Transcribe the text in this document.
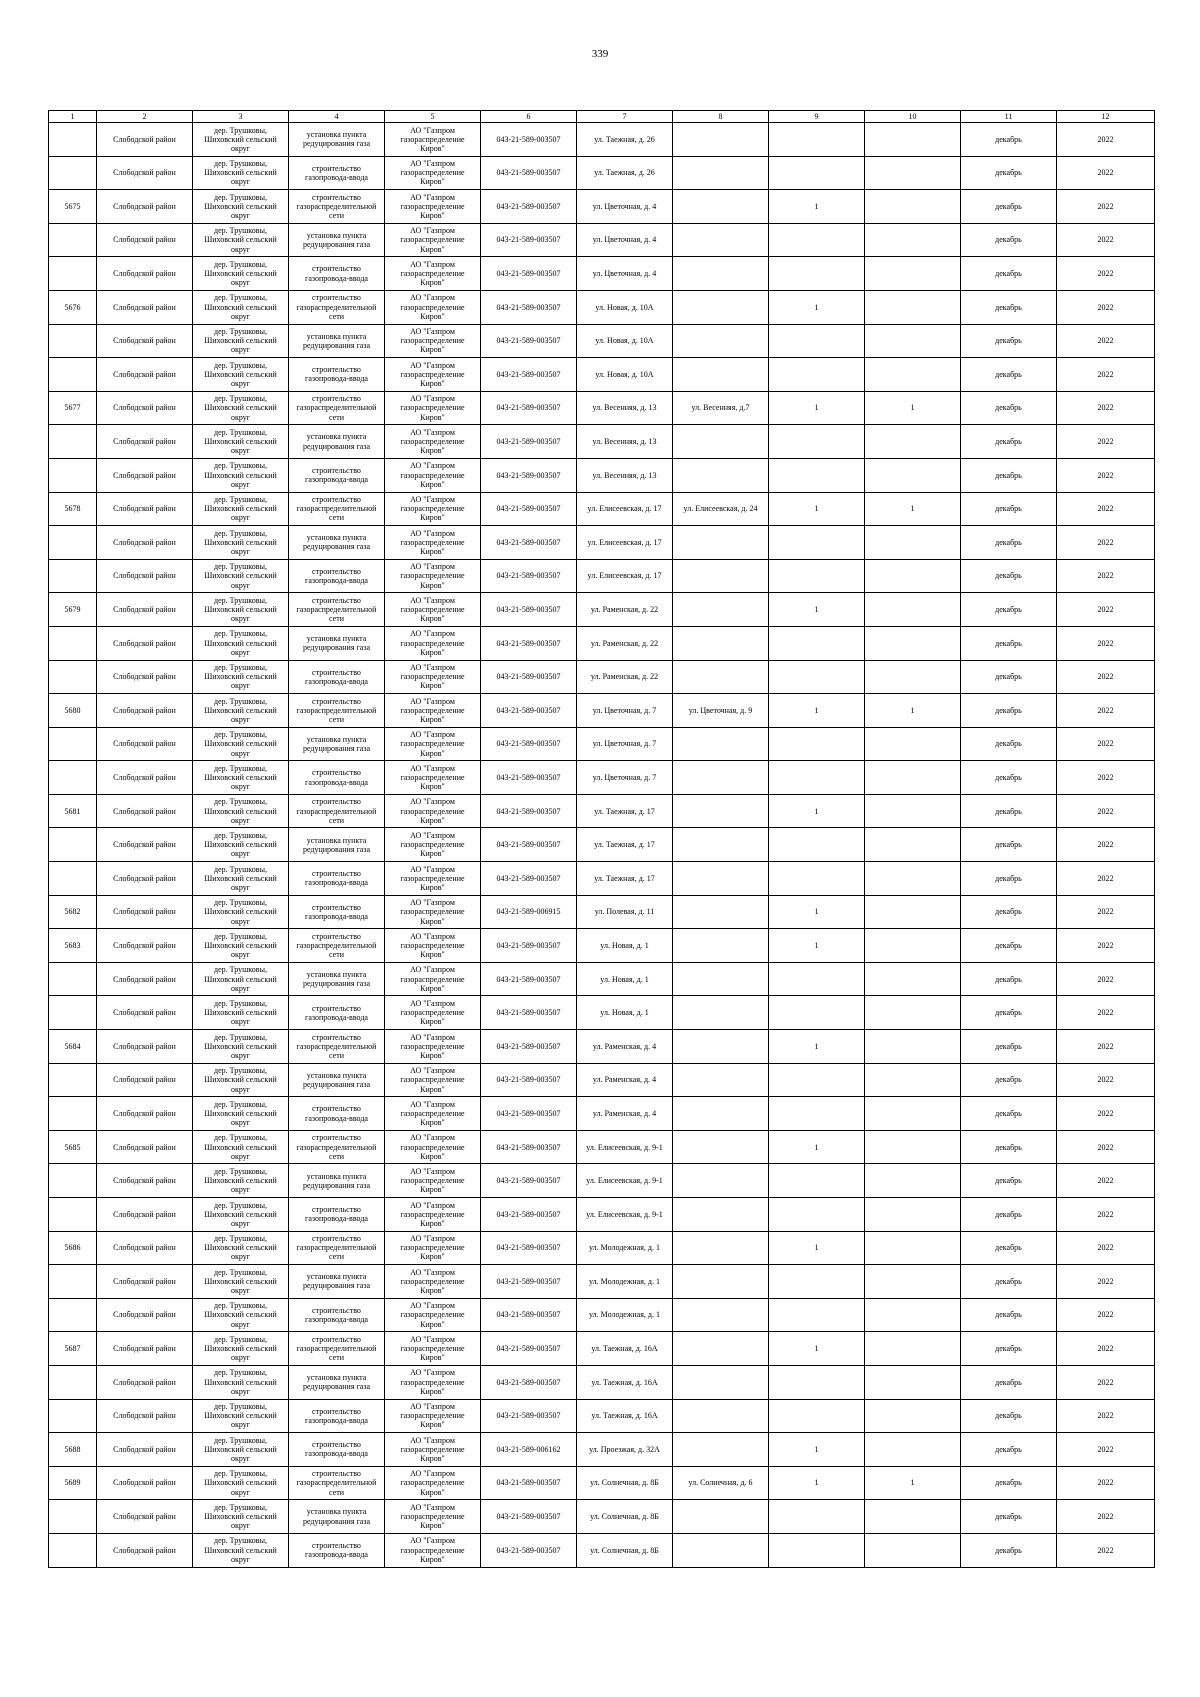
339
1	2	3	4	5	6	7	8	9	10	11	12
	Слободской район	дер. Трушковы,
Шиховский сельский
округ	установка пункта
редуцирования газа	АО "Газпром
газораспределение
Киров"	043-21-589-003507	ул. Таежная, д. 26				декабрь	2022
	Слободской район	дер. Трушковы,
Шиховский сельский
округ	строительство
газопровода-ввода	АО "Газпром
газораспределение
Киров"	043-21-589-003507	ул. Таежная, д. 26				декабрь	2022
5675	Слободской район	дер. Трушковы,
Шиховский сельский
округ	строительство
газораспределительной
сети	АО "Газпром
газораспределение
Киров"	043-21-589-003507	ул. Цветочная, д. 4		1		декабрь	2022
	Слободской район	дер. Трушковы,
Шиховский сельский
округ	установка пункта
редуцирования газа	АО "Газпром
газораспределение
Киров"	043-21-589-003507	ул. Цветочная, д. 4				декабрь	2022
	Слободской район	дер. Трушковы,
Шиховский сельский
округ	строительство
газопровода-ввода	АО "Газпром
газораспределение
Киров"	043-21-589-003507	ул. Цветочная, д. 4				декабрь	2022
5676	Слободской район	дер. Трушковы,
Шиховский сельский
округ	строительство
газораспределительной
сети	АО "Газпром
газораспределение
Киров"	043-21-589-003507	ул. Новая, д. 10А		1		декабрь	2022
	Слободской район	дер. Трушковы,
Шиховский сельский
округ	установка пункта
редуцирования газа	АО "Газпром
газораспределение
Киров"	043-21-589-003507	ул. Новая, д. 10А				декабрь	2022
	Слободской район	дер. Трушковы,
Шиховский сельский
округ	строительство
газопровода-ввода	АО "Газпром
газораспределение
Киров"	043-21-589-003507	ул. Новая, д. 10А				декабрь	2022
5677	Слободской район	дер. Трушковы,
Шиховский сельский
округ	строительство
газораспределительной
сети	АО "Газпром
газораспределение
Киров"	043-21-589-003507	ул. Весенняя, д. 13	ул. Весенняя, д.7	1	1	декабрь	2022
	Слободской район	дер. Трушковы,
Шиховский сельский
округ	установка пункта
редуцирования газа	АО "Газпром
газораспределение
Киров"	043-21-589-003507	ул. Весенняя, д. 13				декабрь	2022
	Слободской район	дер. Трушковы,
Шиховский сельский
округ	строительство
газопровода-ввода	АО "Газпром
газораспределение
Киров"	043-21-589-003507	ул. Весенняя, д. 13				декабрь	2022
5678	Слободской район	дер. Трушковы,
Шиховский сельский
округ	строительство
газораспределительной
сети	АО "Газпром
газораспределение
Киров"	043-21-589-003507	ул. Елисеевская, д. 17	ул. Елисеевская, д. 24	1	1	декабрь	2022
	Слободской район	дер. Трушковы,
Шиховский сельский
округ	установка пункта
редуцирования газа	АО "Газпром
газораспределение
Киров"	043-21-589-003507	ул. Елисеевская, д. 17				декабрь	2022
	Слободской район	дер. Трушковы,
Шиховский сельский
округ	строительство
газопровода-ввода	АО "Газпром
газораспределение
Киров"	043-21-589-003507	ул. Елисеевская, д. 17				декабрь	2022
5679	Слободской район	дер. Трушковы,
Шиховский сельский
округ	строительство
газораспределительной
сети	АО "Газпром
газораспределение
Киров"	043-21-589-003507	ул. Раменская, д. 22		1		декабрь	2022
	Слободской район	дер. Трушковы,
Шиховский сельский
округ	установка пункта
редуцирования газа	АО "Газпром
газораспределение
Киров"	043-21-589-003507	ул. Раменская, д. 22				декабрь	2022
	Слободской район	дер. Трушковы,
Шиховский сельский
округ	строительство
газопровода-ввода	АО "Газпром
газораспределение
Киров"	043-21-589-003507	ул. Раменская, д. 22				декабрь	2022
5680	Слободской район	дер. Трушковы,
Шиховский сельский
округ	строительство
газораспределительной
сети	АО "Газпром
газораспределение
Киров"	043-21-589-003507	ул. Цветочная, д. 7	ул. Цветочная, д. 9	1	1	декабрь	2022
	Слободской район	дер. Трушковы,
Шиховский сельский
округ	установка пункта
редуцирования газа	АО "Газпром
газораспределение
Киров"	043-21-589-003507	ул. Цветочная, д. 7				декабрь	2022
	Слободской район	дер. Трушковы,
Шиховский сельский
округ	строительство
газопровода-ввода	АО "Газпром
газораспределение
Киров"	043-21-589-003507	ул. Цветочная, д. 7				декабрь	2022
5681	Слободской район	дер. Трушковы,
Шиховский сельский
округ	строительство
газораспределительной
сети	АО "Газпром
газораспределение
Киров"	043-21-589-003507	ул. Таежная, д. 17		1		декабрь	2022
	Слободской район	дер. Трушковы,
Шиховский сельский
округ	установка пункта
редуцирования газа	АО "Газпром
газораспределение
Киров"	043-21-589-003507	ул. Таежная, д. 17				декабрь	2022
	Слободской район	дер. Трушковы,
Шиховский сельский
округ	строительство
газопровода-ввода	АО "Газпром
газораспределение
Киров"	043-21-589-003507	ул. Таежная, д. 17				декабрь	2022
5682	Слободской район	дер. Трушковы,
Шиховский сельский
округ	строительство
газопровода-ввода	АО "Газпром
газораспределение
Киров"	043-21-589-006915	ул. Полевая, д. 11		1		декабрь	2022
5683	Слободской район	дер. Трушковы,
Шиховский сельский
округ	строительство
газораспределительной
сети	АО "Газпром
газораспределение
Киров"	043-21-589-003507	ул. Новая, д. 1		1		декабрь	2022
	Слободской район	дер. Трушковы,
Шиховский сельский
округ	установка пункта
редуцирования газа	АО "Газпром
газораспределение
Киров"	043-21-589-003507	ул. Новая, д. 1				декабрь	2022
	Слободской район	дер. Трушковы,
Шиховский сельский
округ	строительство
газопровода-ввода	АО "Газпром
газораспределение
Киров"	043-21-589-003507	ул. Новая, д. 1				декабрь	2022
5684	Слободской район	дер. Трушковы,
Шиховский сельский
округ	строительство
газораспределительной
сети	АО "Газпром
газораспределение
Киров"	043-21-589-003507	ул. Раменская, д. 4		1		декабрь	2022
	Слободской район	дер. Трушковы,
Шиховский сельский
округ	установка пункта
редуцирования газа	АО "Газпром
газораспределение
Киров"	043-21-589-003507	ул. Раменская, д. 4				декабрь	2022
	Слободской район	дер. Трушковы,
Шиховский сельский
округ	строительство
газопровода-ввода	АО "Газпром
газораспределение
Киров"	043-21-589-003507	ул. Раменская, д. 4				декабрь	2022
5685	Слободской район	дер. Трушковы,
Шиховский сельский
округ	строительство
газораспределительной
сети	АО "Газпром
газораспределение
Киров"	043-21-589-003507	ул. Елисеевская, д. 9-1		1		декабрь	2022
	Слободской район	дер. Трушковы,
Шиховский сельский
округ	установка пункта
редуцирования газа	АО "Газпром
газораспределение
Киров"	043-21-589-003507	ул. Елисеевская, д. 9-1				декабрь	2022
	Слободской район	дер. Трушковы,
Шиховский сельский
округ	строительство
газопровода-ввода	АО "Газпром
газораспределение
Киров"	043-21-589-003507	ул. Елисеевская, д. 9-1				декабрь	2022
5686	Слободской район	дер. Трушковы,
Шиховский сельский
округ	строительство
газораспределительной
сети	АО "Газпром
газораспределение
Киров"	043-21-589-003507	ул. Молодежная, д. 1		1		декабрь	2022
	Слободской район	дер. Трушковы,
Шиховский сельский
округ	установка пункта
редуцирования газа	АО "Газпром
газораспределение
Киров"	043-21-589-003507	ул. Молодежная, д. 1				декабрь	2022
	Слободской район	дер. Трушковы,
Шиховский сельский
округ	строительство
газопровода-ввода	АО "Газпром
газораспределение
Киров"	043-21-589-003507	ул. Молодежная, д. 1				декабрь	2022
5687	Слободской район	дер. Трушковы,
Шиховский сельский
округ	строительство
газораспределительной
сети	АО "Газпром
газораспределение
Киров"	043-21-589-003507	ул. Таежная, д. 16А		1		декабрь	2022
	Слободской район	дер. Трушковы,
Шиховский сельский
округ	установка пункта
редуцирования газа	АО "Газпром
газораспределение
Киров"	043-21-589-003507	ул. Таежная, д. 16А				декабрь	2022
	Слободской район	дер. Трушковы,
Шиховский сельский
округ	строительство
газопровода-ввода	АО "Газпром
газораспределение
Киров"	043-21-589-003507	ул. Таежная, д. 16А				декабрь	2022
5688	Слободской район	дер. Трушковы,
Шиховский сельский
округ	строительство
газопровода-ввода	АО "Газпром
газораспределение
Киров"	043-21-589-006162	ул. Проезжая, д. 32А		1		декабрь	2022
5689	Слободской район	дер. Трушковы,
Шиховский сельский
округ	строительство
газораспределительной
сети	АО "Газпром
газораспределение
Киров"	043-21-589-003507	ул. Солнечная, д. 8Б	ул. Солнечная, д. 6	1	1	декабрь	2022
	Слободской район	дер. Трушковы,
Шиховский сельский
округ	установка пункта
редуцирования газа	АО "Газпром
газораспределение
Киров"	043-21-589-003507	ул. Солнечная, д. 8Б				декабрь	2022
	Слободской район	дер. Трушковы,
Шиховский сельский
округ	строительство
газопровода-ввода	АО "Газпром
газораспределение
Киров"	043-21-589-003507	ул. Солнечная, д. 8Б				декабрь	2022
